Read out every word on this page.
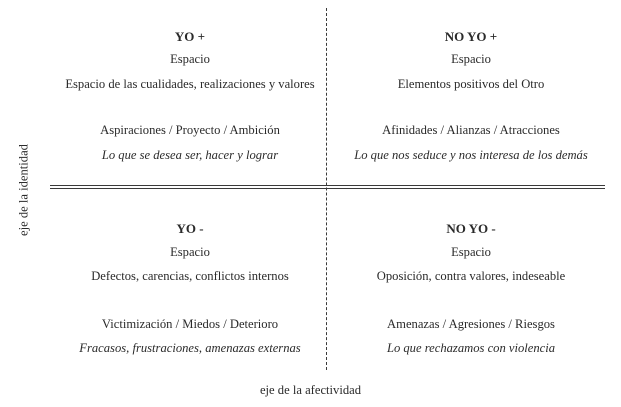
YO +
Espacio
Espacio de las cualidades, realizaciones y valores
Aspiraciones / Proyecto / Ambición
Lo que se desea ser, hacer y lograr
NO YO +
Espacio
Elementos positivos del Otro
Afinidades / Alianzas / Atracciones
Lo que nos seduce y nos interesa de los demás
YO -
Espacio
Defectos, carencias, conflictos internos
Victimización / Miedos / Deterioro
Fracasos, frustraciones, amenazas externas
NO YO -
Espacio
Oposición, contra valores, indeseable
Amenazas / Agresiones / Riesgos
Lo que rechazamos con violencia
eje de la identidad
eje de la afectividad
